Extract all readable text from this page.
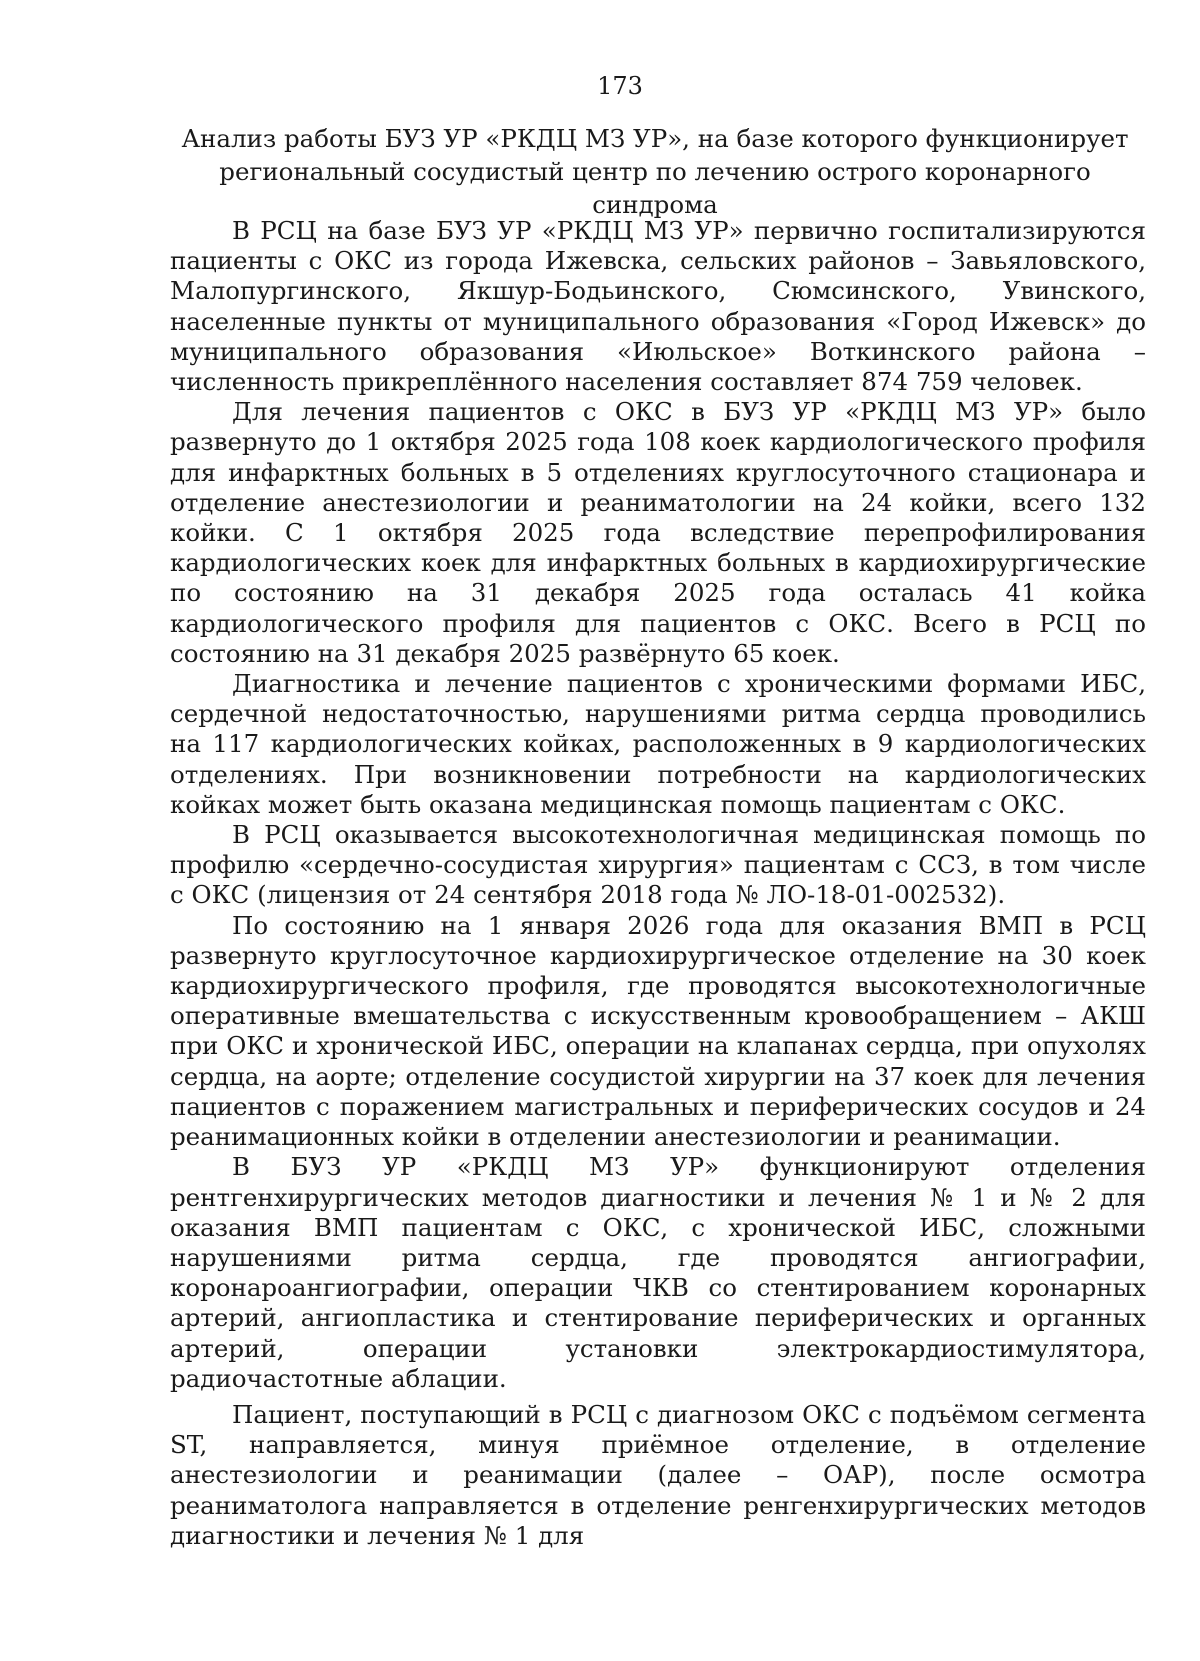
173
Анализ работы БУЗ УР «РКДЦ МЗ УР», на базе которого функционирует региональный сосудистый центр по лечению острого коронарного синдрома

В РСЦ на базе БУЗ УР «РКДЦ МЗ УР» первично госпитализируются пациенты с ОКС из города Ижевска, сельских районов – Завьяловского, Малопургинского, Якшур-Бодьинского, Сюмсинского, Увинского, населенные пункты от муниципального образования «Город Ижевск» до муниципального образования «Июльское» Воткинского района – численность прикреплённого населения составляет 874 759 человек.

Для лечения пациентов с ОКС в БУЗ УР «РКДЦ МЗ УР» было развернуто до 1 октября 2025 года 108 коек кардиологического профиля для инфарктных больных в 5 отделениях круглосуточного стационара и отделение анестезиологии и реаниматологии на 24 койки, всего 132 койки. С 1 октября 2025 года вследствие перепрофилирования кардиологических коек для инфарктных больных в кардиохирургические по состоянию на 31 декабря 2025 года осталась 41 койка кардиологического профиля для пациентов с ОКС. Всего в РСЦ по состоянию на 31 декабря 2025 развёрнуто 65 коек.

Диагностика и лечение пациентов с хроническими формами ИБС, сердечной недостаточностью, нарушениями ритма сердца проводились на 117 кардиологических койках, расположенных в 9 кардиологических отделениях. При возникновении потребности на кардиологических койках может быть оказана медицинская помощь пациентам с ОКС.

В РСЦ оказывается высокотехнологичная медицинская помощь по профилю «сердечно-сосудистая хирургия» пациентам с ССЗ, в том числе с ОКС (лицензия от 24 сентября 2018 года № ЛО-18-01-002532).

По состоянию на 1 января 2026 года для оказания ВМП в РСЦ развернуто круглосуточное кардиохирургическое отделение на 30 коек кардиохирургического профиля, где проводятся высокотехнологичные оперативные вмешательства с искусственным кровообращением – АКШ при ОКС и хронической ИБС, операции на клапанах сердца, при опухолях сердца, на аорте; отделение сосудистой хирургии на 37 коек для лечения пациентов с поражением магистральных и периферических сосудов и 24 реанимационных койки в отделении анестезиологии и реанимации.

В БУЗ УР «РКДЦ МЗ УР» функционируют отделения рентгенхирургических методов диагностики и лечения № 1 и № 2 для оказания ВМП пациентам с ОКС, с хронической ИБС, сложными нарушениями ритма сердца, где проводятся ангиографии, коронароангиографии, операции ЧКВ со стентированием коронарных артерий, ангиопластика и стентирование периферических и органных артерий, операции установки электрокардиостимулятора, радиочастотные аблации.

Пациент, поступающий в РСЦ с диагнозом ОКС с подъёмом сегмента ST, направляется, минуя приёмное отделение, в отделение анестезиологии и реанимации (далее – ОАР), после осмотра реаниматолога направляется в отделение ренгенхирургических методов диагностики и лечения № 1 для
